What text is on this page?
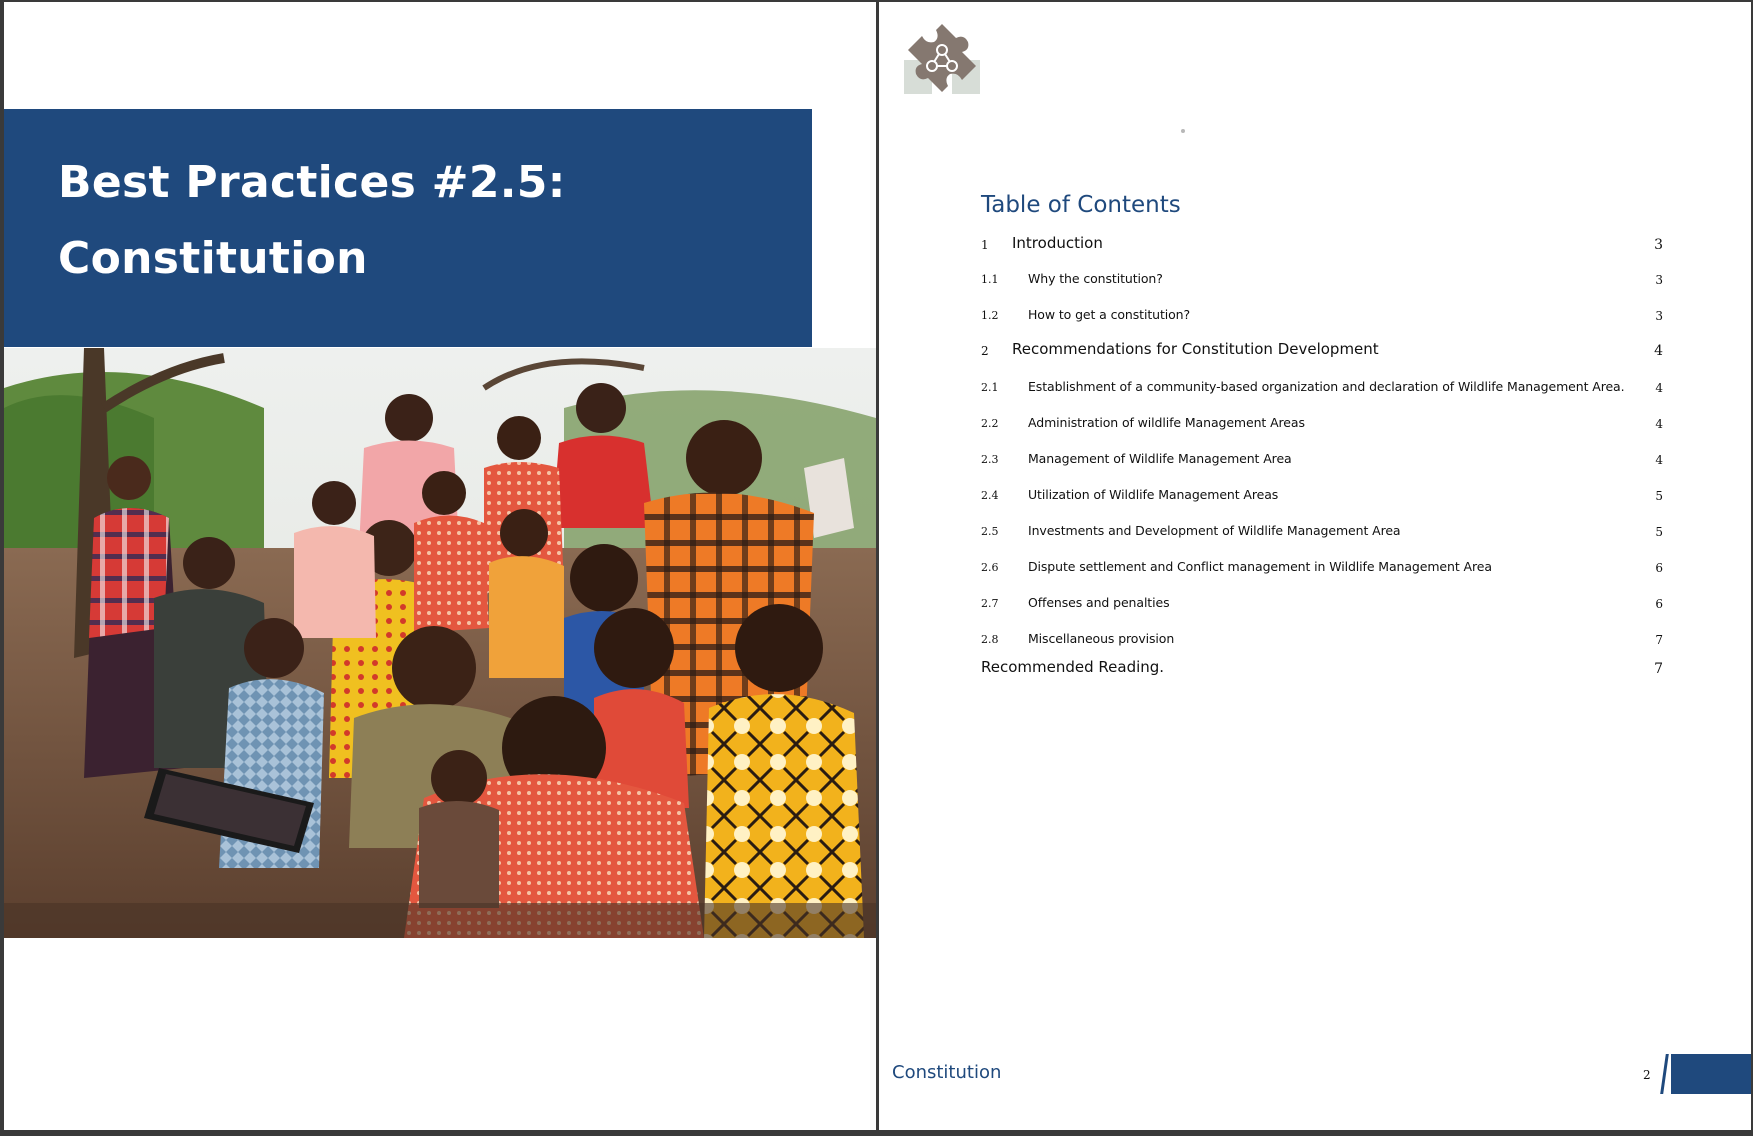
Best Practices #2.5:
Constitution
Table of Contents
1 Introduction	3
1.1 Why the constitution?	3
1.2 How to get a constitution?	3
2 Recommendations for Constitution Development	4
2.1 Establishment of a community-based organization and declaration of Wildlife Management Area.	4
2.2 Administration of wildlife Management Areas	4
2.3 Management of Wildlife Management Area	4
2.4 Utilization of Wildlife Management Areas	5
2.5 Investments and Development of Wildlife Management Area	5
2.6 Dispute settlement and Conflict management in Wildlife Management Area	6
2.7 Offenses and penalties	6
2.8 Miscellaneous provision	7
Recommended Reading.	7
Constitution	2
